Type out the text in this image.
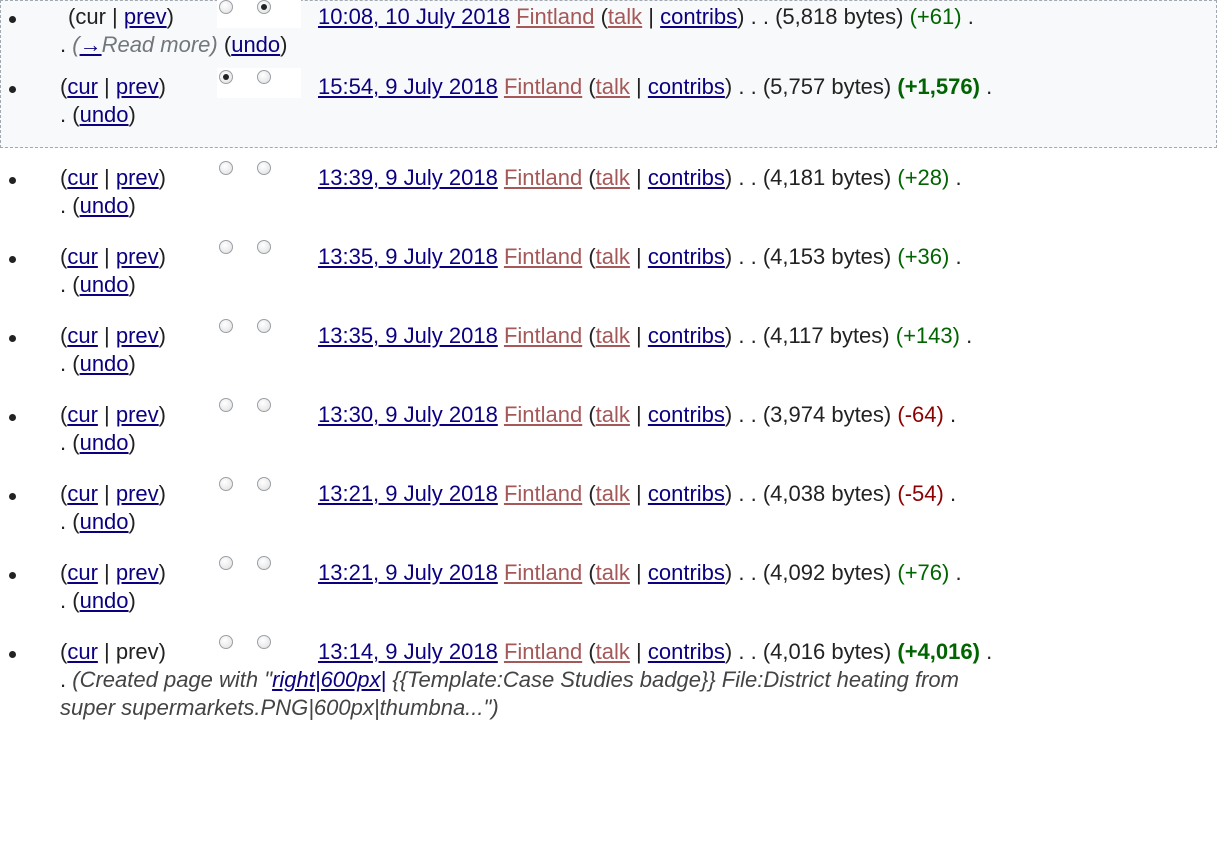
(cur | prev)	10:08, 10 July 2018 Fintland (talk | contribs) . . (5,818 bytes) (+61) .
. (→Read more) (undo)
(cur | prev)	15:54, 9 July 2018 Fintland (talk | contribs) . . (5,757 bytes) (+1,576) .
. (undo)
(cur | prev)	13:39, 9 July 2018 Fintland (talk | contribs) . . (4,181 bytes) (+28) .
. (undo)
(cur | prev)	13:35, 9 July 2018 Fintland (talk | contribs) . . (4,153 bytes) (+36) .
. (undo)
(cur | prev)	13:35, 9 July 2018 Fintland (talk | contribs) . . (4,117 bytes) (+143) .
. (undo)
(cur | prev)	13:30, 9 July 2018 Fintland (talk | contribs) . . (3,974 bytes) (-64) .
. (undo)
(cur | prev)	13:21, 9 July 2018 Fintland (talk | contribs) . . (4,038 bytes) (-54) .
. (undo)
(cur | prev)	13:21, 9 July 2018 Fintland (talk | contribs) . . (4,092 bytes) (+76) .
. (undo)
(cur | prev)	13:14, 9 July 2018 Fintland (talk | contribs) . . (4,016 bytes) (+4,016) .
. (Created page with "right|600px| {{Template:Case Studies badge}} File:District heating from
super supermarkets.PNG|600px|thumbna...")
